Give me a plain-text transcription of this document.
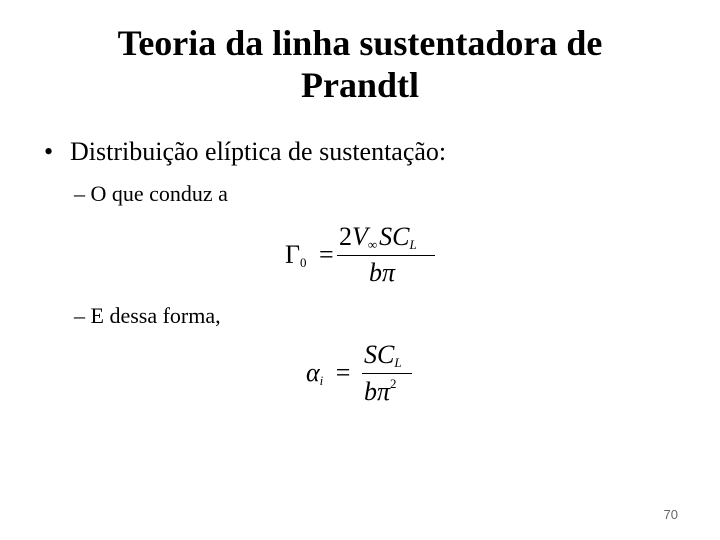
Teoria da linha sustentadora de
Prandtl
• Distribuição elíptica de sustentação:
– O que conduz a
$\Gamma_0$ =
$2V_\infty SC_L$
bπ
– E dessa forma,
$\alpha_i$ =
$SC_L$
$b\pi^2$
70
